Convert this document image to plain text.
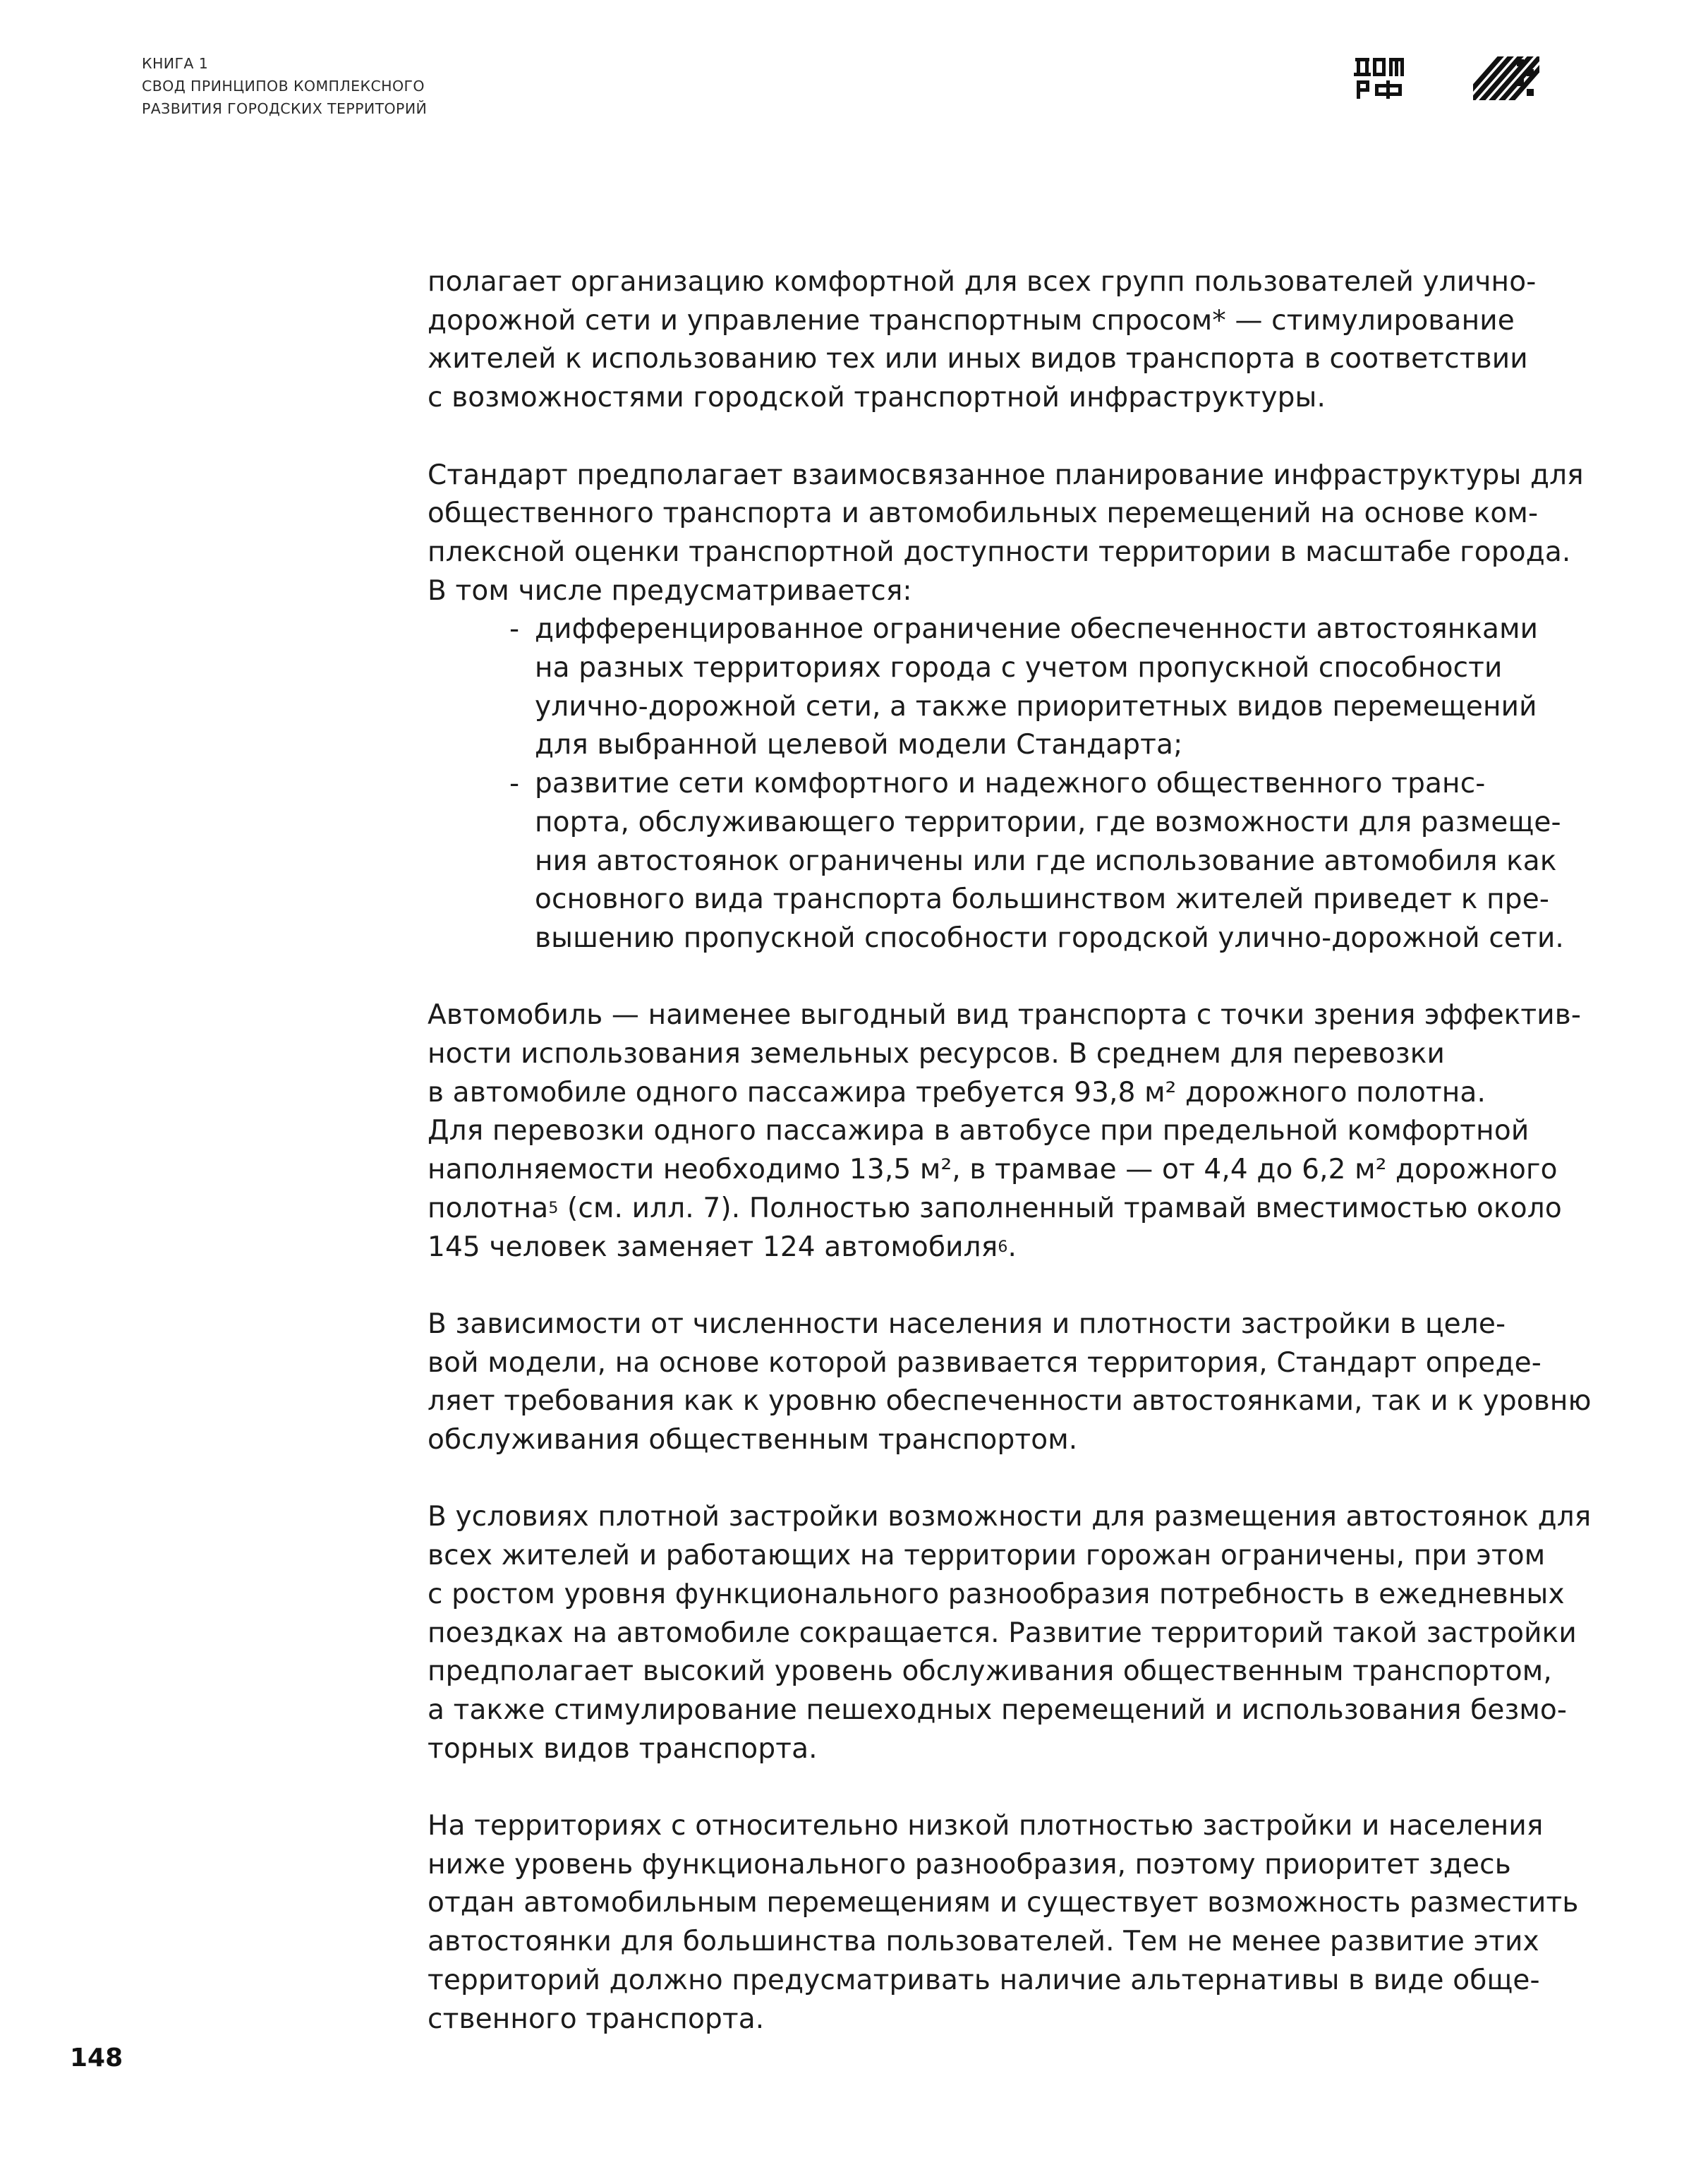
КНИГА 1
СВОД ПРИНЦИПОВ КОМПЛЕКСНОГО
РАЗВИТИЯ ГОРОДСКИХ ТЕРРИТОРИЙ

полагает организацию комфортной для всех групп пользователей улично-
дорожной сети и управление транспортным спросом* — стимулирование
жителей к использованию тех или иных видов транспорта в соответствии
с возможностями городской транспортной инфраструктуры.

Стандарт предполагает взаимосвязанное планирование инфраструктуры для
общественного транспорта и автомобильных перемещений на основе ком-
плексной оценки транспортной доступности территории в масштабе города.
В том числе предусматривается:
- дифференцированное ограничение обеспеченности автостоянками
на разных территориях города с учетом пропускной способности
улично-дорожной сети, а также приоритетных видов перемещений
для выбранной целевой модели Стандарта;
- развитие сети комфортного и надежного общественного транс-
порта, обслуживающего территории, где возможности для размеще-
ния автостоянок ограничены или где использование автомобиля как
основного вида транспорта большинством жителей приведет к пре-
вышению пропускной способности городской улично-дорожной сети.

Автомобиль — наименее выгодный вид транспорта с точки зрения эффектив-
ности использования земельных ресурсов. В среднем для перевозки
в автомобиле одного пассажира требуется 93,8 м² дорожного полотна.
Для перевозки одного пассажира в автобусе при предельной комфортной
наполняемости необходимо 13,5 м², в трамвае — от 4,4 до 6,2 м² дорожного
полотна$^5$ (см. илл. 7). Полностью заполненный трамвай вместимостью около
145 человек заменяет 124 автомобиля$^6$.

В зависимости от численности населения и плотности застройки в целе-
вой модели, на основе которой развивается территория, Стандарт опреде-
ляет требования как к уровню обеспеченности автостоянками, так и к уровню
обслуживания общественным транспортом.

В условиях плотной застройки возможности для размещения автостоянок для
всех жителей и работающих на территории горожан ограничены, при этом
с ростом уровня функционального разнообразия потребность в ежедневных
поездках на автомобиле сокращается. Развитие территорий такой застройки
предполагает высокий уровень обслуживания общественным транспортом,
а также стимулирование пешеходных перемещений и использования безмо-
торных видов транспорта.

На территориях с относительно низкой плотностью застройки и населения
ниже уровень функционального разнообразия, поэтому приоритет здесь
отдан автомобильным перемещениям и существует возможность разместить
автостоянки для большинства пользователей. Тем не менее развитие этих
территорий должно предусматривать наличие альтернативы в виде обще-
ственного транспорта.

148
